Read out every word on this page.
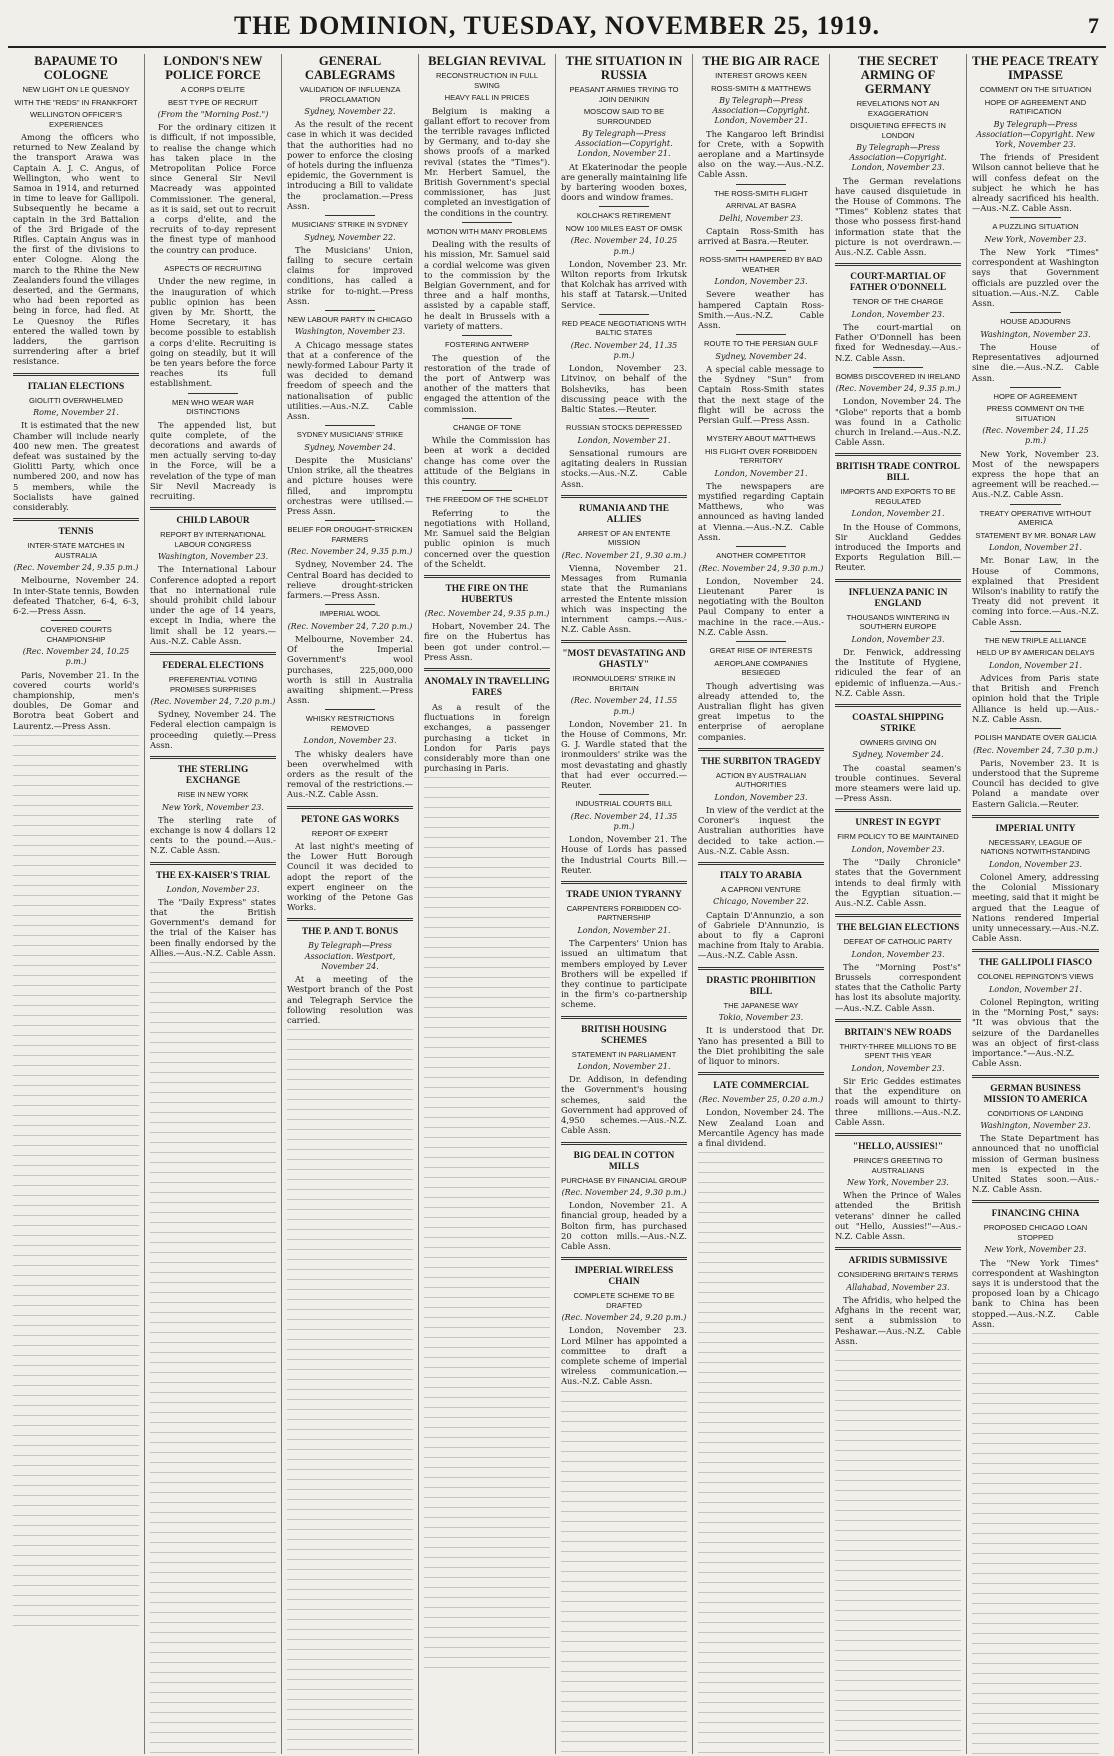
THE DOMINION, TUESDAY, NOVEMBER 25, 1919.	7
BAPAUME TO COLOGNE
NEW LIGHT ON LE QUESNOY
WITH THE "REDS" IN FRANKFORT
WELLINGTON OFFICER'S EXPERIENCES

Among the officers who returned to New Zealand by the transport Arawa was Captain A. J. C. Angus, of Wellington, who went to Samoa in 1914, and returned in time to leave for Gallipoli. Subsequently he became a captain in the 3rd Battalion of the 3rd Brigade of the Rifles. Captain Angus was in the first of the divisions to enter Cologne. Along the march to the Rhine the New Zealanders found the villages deserted, and the Germans, who had been reported as being in force, had fled. At Le Quesnoy the Rifles entered the walled town by ladders, the garrison surrendering after a brief resistance.

ITALIAN ELECTIONS
GIOLITTI OVERWHELMED
Rome, November 21.

It is estimated that the new Chamber will include nearly 400 new men. The greatest defeat was sustained by the Giolitti Party, which once numbered 200, and now has 5 members, while the Socialists have gained considerably.

TENNIS
INTER-STATE MATCHES IN AUSTRALIA
(Rec. November 24, 9.35 p.m.)

Melbourne, November 24. In inter-State tennis, Bowden defeated Thatcher, 6-4, 6-3, 6-2.—Press Assn.

COVERED COURTS CHAMPIONSHIP
(Rec. November 24, 10.25 p.m.)

Paris, November 21. In the covered courts world's championship, men's doubles, De Gomar and Borotra beat Gobert and Laurentz.—Press Assn.

LONDON'S NEW POLICE FORCE
A CORPS D'ELITE
BEST TYPE OF RECRUIT
(From the "Morning Post.")

For the ordinary citizen it is difficult, if not impossible, to realise the change which has taken place in the Metropolitan Police Force since General Sir Nevil Macready was appointed Commissioner. The general, as it is said, set out to recruit a corps d'elite, and the recruits of to-day represent the finest type of manhood the country can produce.

ASPECTS OF RECRUITING

Under the new regime, in the inauguration of which public opinion has been given by Mr. Shortt, the Home Secretary, it has become possible to establish a corps d'elite. Recruiting is going on steadily, but it will be ten years before the force reaches its full establishment.

MEN WHO WEAR WAR DISTINCTIONS

The appended list, but quite complete, of the decorations and awards of men actually serving to-day in the Force, will be a revelation of the type of man Sir Nevil Macready is recruiting.

CHILD LABOUR
REPORT BY INTERNATIONAL LABOUR CONGRESS
Washington, November 23.

The International Labour Conference adopted a report that no international rule should prohibit child labour under the age of 14 years, except in India, where the limit shall be 12 years.—Aus.-N.Z. Cable Assn.

FEDERAL ELECTIONS
PREFERENTIAL VOTING PROMISES SURPRISES
(Rec. November 24, 7.20 p.m.)

Sydney, November 24. The Federal election campaign is proceeding quietly.—Press Assn.

THE STERLING EXCHANGE
RISE IN NEW YORK
New York, November 23.

The sterling rate of exchange is now 4 dollars 12 cents to the pound.—Aus.-N.Z. Cable Assn.

THE EX-KAISER'S TRIAL
London, November 23.

The "Daily Express" states that the British Government's demand for the trial of the Kaiser has been finally endorsed by the Allies.—Aus.-N.Z. Cable Assn.

GENERAL CABLEGRAMS
VALIDATION OF INFLUENZA PROCLAMATION
Sydney, November 22.

As the result of the recent case in which it was decided that the authorities had no power to enforce the closing of hotels during the influenza epidemic, the Government is introducing a Bill to validate the proclamation.—Press Assn.

MUSICIANS' STRIKE IN SYDNEY
Sydney, November 22.

The Musicians' Union, failing to secure certain claims for improved conditions, has called a strike for to-night.—Press Assn.

NEW LABOUR PARTY IN CHICAGO
Washington, November 23.

A Chicago message states that at a conference of the newly-formed Labour Party it was decided to demand freedom of speech and the nationalisation of public utilities.—Aus.-N.Z. Cable Assn.

SYDNEY MUSICIANS' STRIKE
Sydney, November 24.

Despite the Musicians' Union strike, all the theatres and picture houses were filled, and impromptu orchestras were utilised.—Press Assn.

BELIEF FOR DROUGHT-STRICKEN FARMERS
(Rec. November 24, 9.35 p.m.)

Sydney, November 24. The Central Board has decided to relieve drought-stricken farmers.—Press Assn.

IMPERIAL WOOL
(Rec. November 24, 7.20 p.m.)

Melbourne, November 24. Of the Imperial Government's wool purchases, 225,000,000 worth is still in Australia awaiting shipment.—Press Assn.

WHISKY RESTRICTIONS REMOVED
London, November 23.

The whisky dealers have been overwhelmed with orders as the result of the removal of the restrictions.—Aus.-N.Z. Cable Assn.

PETONE GAS WORKS
REPORT OF EXPERT

At last night's meeting of the Lower Hutt Borough Council it was decided to adopt the report of the expert engineer on the working of the Petone Gas Works.

THE P. AND T. BONUS
By Telegraph—Press Association. Westport, November 24.

At a meeting of the Westport branch of the Post and Telegraph Service the following resolution was carried.

BELGIAN REVIVAL
RECONSTRUCTION IN FULL SWING
HEAVY FALL IN PRICES

Belgium is making a gallant effort to recover from the terrible ravages inflicted by Germany, and to-day she shows proofs of a marked revival (states the "Times"). Mr. Herbert Samuel, the British Government's special commissioner, has just completed an investigation of the conditions in the country.

MOTION WITH MANY PROBLEMS

Dealing with the results of his mission, Mr. Samuel said a cordial welcome was given to the commission by the Belgian Government, and for three and a half months, assisted by a capable staff, he dealt in Brussels with a variety of matters.

FOSTERING ANTWERP

The question of the restoration of the trade of the port of Antwerp was another of the matters that engaged the attention of the commission.

CHANGE OF TONE

While the Commission has been at work a decided change has come over the attitude of the Belgians in this country.

THE FREEDOM OF THE SCHELDT

Referring to the negotiations with Holland, Mr. Samuel said the Belgian public opinion is much concerned over the question of the Scheldt.

THE FIRE ON THE HUBERTUS
(Rec. November 24, 9.35 p.m.)

Hobart, November 24. The fire on the Hubertus has been got under control.—Press Assn.

ANOMALY IN TRAVELLING FARES

As a result of the fluctuations in foreign exchanges, a passenger purchasing a ticket in London for Paris pays considerably more than one purchasing in Paris.

THE SITUATION IN RUSSIA
PEASANT ARMIES TRYING TO JOIN DENIKIN
MOSCOW SAID TO BE SURROUNDED
By Telegraph—Press Association—Copyright. London, November 21.

At Ekaterinodar the people are generally maintaining life by bartering wooden boxes, doors and window frames.

KOLCHAK'S RETIREMENT
NOW 100 MILES EAST OF OMSK
(Rec. November 24, 10.25 p.m.)

London, November 23. Mr. Wilton reports from Irkutsk that Kolchak has arrived with his staff at Tatarsk.—United Service.

RED PEACE NEGOTIATIONS WITH BALTIC STATES
(Rec. November 24, 11.35 p.m.)

London, November 23. Litvinov, on behalf of the Bolsheviks, has been discussing peace with the Baltic States.—Reuter.

RUSSIAN STOCKS DEPRESSED
London, November 21.

Sensational rumours are agitating dealers in Russian stocks.—Aus.-N.Z. Cable Assn.

RUMANIA AND THE ALLIES
ARREST OF AN ENTENTE MISSION
(Rec. November 21, 9.30 a.m.)

Vienna, November 21. Messages from Rumania state that the Rumanians arrested the Entente mission which was inspecting the internment camps.—Aus.-N.Z. Cable Assn.

"MOST DEVASTATING AND GHASTLY"
IRONMOULDERS' STRIKE IN BRITAIN
(Rec. November 24, 11.55 p.m.)

London, November 21. In the House of Commons, Mr. G. J. Wardle stated that the ironmoulders' strike was the most devastating and ghastly that had ever occurred.—Reuter.

INDUSTRIAL COURTS BILL
(Rec. November 24, 11.35 p.m.)

London, November 21. The House of Lords has passed the Industrial Courts Bill.—Reuter.

TRADE UNION TYRANNY
CARPENTERS FORBIDDEN CO-PARTNERSHIP
London, November 21.

The Carpenters' Union has issued an ultimatum that members employed by Lever Brothers will be expelled if they continue to participate in the firm's co-partnership scheme.

BRITISH HOUSING SCHEMES
STATEMENT IN PARLIAMENT
London, November 21.

Dr. Addison, in defending the Government's housing schemes, said the Government had approved of 4,950 schemes.—Aus.-N.Z. Cable Assn.

BIG DEAL IN COTTON MILLS
PURCHASE BY FINANCIAL GROUP
(Rec. November 24, 9.30 p.m.)

London, November 21. A financial group, headed by a Bolton firm, has purchased 20 cotton mills.—Aus.-N.Z. Cable Assn.

IMPERIAL WIRELESS CHAIN
COMPLETE SCHEME TO BE DRAFTED
(Rec. November 24, 9.20 p.m.)

London, November 23. Lord Milner has appointed a committee to draft a complete scheme of imperial wireless communication.—Aus.-N.Z. Cable Assn.

THE BIG AIR RACE
INTEREST GROWS KEEN
ROSS-SMITH & MATTHEWS
By Telegraph—Press Association—Copyright. London, November 21.

The Kangaroo left Brindisi for Crete, with a Sopwith aeroplane and a Martinsyde also on the way.—Aus.-N.Z. Cable Assn.

THE ROSS-SMITH FLIGHT
ARRIVAL AT BASRA
Delhi, November 23.

Captain Ross-Smith has arrived at Basra.—Reuter.

ROSS-SMITH HAMPERED BY BAD WEATHER
London, November 23.

Severe weather has hampered Captain Ross-Smith.—Aus.-N.Z. Cable Assn.

ROUTE TO THE PERSIAN GULF
Sydney, November 24.

A special cable message to the Sydney "Sun" from Captain Ross-Smith states that the next stage of the flight will be across the Persian Gulf.—Press Assn.

MYSTERY ABOUT MATTHEWS
HIS FLIGHT OVER FORBIDDEN TERRITORY
London, November 21.

The newspapers are mystified regarding Captain Matthews, who was announced as having landed at Vienna.—Aus.-N.Z. Cable Assn.

ANOTHER COMPETITOR
(Rec. November 24, 9.30 p.m.)

London, November 24. Lieutenant Parer is negotiating with the Boulton Paul Company to enter a machine in the race.—Aus.-N.Z. Cable Assn.

GREAT RISE OF INTERESTS
AEROPLANE COMPANIES BESIEGED

Though advertising was already attended to, the Australian flight has given great impetus to the enterprise of aeroplane companies.

THE SURBITON TRAGEDY
ACTION BY AUSTRALIAN AUTHORITIES
London, November 23.

In view of the verdict at the Coroner's inquest the Australian authorities have decided to take action.—Aus.-N.Z. Cable Assn.

ITALY TO ARABIA
A CAPRONI VENTURE
Chicago, November 22.

Captain D'Annunzio, a son of Gabriele D'Annunzio, is about to fly a Caproni machine from Italy to Arabia.—Aus.-N.Z. Cable Assn.

DRASTIC PROHIBITION BILL
THE JAPANESE WAY
Tokio, November 23.

It is understood that Dr. Yano has presented a Bill to the Diet prohibiting the sale of liquor to minors.

LATE COMMERCIAL
(Rec. November 25, 0.20 a.m.)

London, November 24. The New Zealand Loan and Mercantile Agency has made a final dividend.

THE SECRET ARMING OF GERMANY
REVELATIONS NOT AN EXAGGERATION
DISQUIETING EFFECTS IN LONDON
By Telegraph—Press Association—Copyright. London, November 23.

The German revelations have caused disquietude in the House of Commons. The "Times" Koblenz states that those who possess first-hand information state that the picture is not overdrawn.—Aus.-N.Z. Cable Assn.

COURT-MARTIAL OF FATHER O'DONNELL
TENOR OF THE CHARGE
London, November 23.

The court-martial on Father O'Donnell has been fixed for Wednesday.—Aus.-N.Z. Cable Assn.

BOMBS DISCOVERED IN IRELAND
(Rec. November 24, 9.35 p.m.)

London, November 24. The "Globe" reports that a bomb was found in a Catholic church in Ireland.—Aus.-N.Z. Cable Assn.

BRITISH TRADE CONTROL BILL
IMPORTS AND EXPORTS TO BE REGULATED
London, November 21.

In the House of Commons, Sir Auckland Geddes introduced the Imports and Exports Regulation Bill.—Reuter.

INFLUENZA PANIC IN ENGLAND
THOUSANDS WINTERING IN SOUTHERN EUROPE
London, November 23.

Dr. Fenwick, addressing the Institute of Hygiene, ridiculed the fear of an epidemic of influenza.—Aus.-N.Z. Cable Assn.

COASTAL SHIPPING STRIKE
OWNERS GIVING ON
Sydney, November 24.

The coastal seamen's trouble continues. Several more steamers were laid up.—Press Assn.

UNREST IN EGYPT
FIRM POLICY TO BE MAINTAINED
London, November 23.

The "Daily Chronicle" states that the Government intends to deal firmly with the Egyptian situation.—Aus.-N.Z. Cable Assn.

THE BELGIAN ELECTIONS
DEFEAT OF CATHOLIC PARTY
London, November 23.

The "Morning Post's" Brussels correspondent states that the Catholic Party has lost its absolute majority.—Aus.-N.Z. Cable Assn.

BRITAIN'S NEW ROADS
THIRTY-THREE MILLIONS TO BE SPENT THIS YEAR
London, November 23.

Sir Eric Geddes estimates that the expenditure on roads will amount to thirty-three millions.—Aus.-N.Z. Cable Assn.

"HELLO, AUSSIES!"
PRINCE'S GREETING TO AUSTRALIANS
New York, November 23.

When the Prince of Wales attended the British veterans' dinner he called out "Hello, Aussies!"—Aus.-N.Z. Cable Assn.

AFRIDIS SUBMISSIVE
CONSIDERING BRITAIN'S TERMS
Allahabad, November 23.

The Afridis, who helped the Afghans in the recent war, sent a submission to Peshawar.—Aus.-N.Z. Cable Assn.

THE PEACE TREATY IMPASSE
COMMENT ON THE SITUATION
HOPE OF AGREEMENT AND RATIFICATION
By Telegraph—Press Association—Copyright. New York, November 23.

The friends of President Wilson cannot believe that he will confess defeat on the subject he which he has already sacrificed his health.—Aus.-N.Z. Cable Assn.

A PUZZLING SITUATION
New York, November 23.

The New York "Times" correspondent at Washington says that Government officials are puzzled over the situation.—Aus.-N.Z. Cable Assn.

HOUSE ADJOURNS
Washington, November 23.

The House of Representatives adjourned sine die.—Aus.-N.Z. Cable Assn.

HOPE OF AGREEMENT
PRESS COMMENT ON THE SITUATION
(Rec. November 24, 11.25 p.m.)

New York, November 23. Most of the newspapers express the hope that an agreement will be reached.—Aus.-N.Z. Cable Assn.

TREATY OPERATIVE WITHOUT AMERICA
STATEMENT BY MR. BONAR LAW
London, November 21.

Mr. Bonar Law, in the House of Commons, explained that President Wilson's inability to ratify the Treaty did not prevent it coming into force.—Aus.-N.Z. Cable Assn.

THE NEW TRIPLE ALLIANCE
HELD UP BY AMERICAN DELAYS
London, November 21.

Advices from Paris state that British and French opinion hold that the Triple Alliance is held up.—Aus.-N.Z. Cable Assn.

POLISH MANDATE OVER GALICIA
(Rec. November 24, 7.30 p.m.)

Paris, November 23. It is understood that the Supreme Council has decided to give Poland a mandate over Eastern Galicia.—Reuter.

IMPERIAL UNITY
NECESSARY, LEAGUE OF NATIONS NOTWITHSTANDING
London, November 23.

Colonel Amery, addressing the Colonial Missionary meeting, said that it might be argued that the League of Nations rendered Imperial unity unnecessary.—Aus.-N.Z. Cable Assn.

THE GALLIPOLI FIASCO
COLONEL REPINGTON'S VIEWS
London, November 21.

Colonel Repington, writing in the "Morning Post," says: "It was obvious that the seizure of the Dardanelles was an object of first-class importance."—Aus.-N.Z. Cable Assn.

GERMAN BUSINESS MISSION TO AMERICA
CONDITIONS OF LANDING
Washington, November 23.

The State Department has announced that no unofficial mission of German business men is expected in the United States soon.—Aus.-N.Z. Cable Assn.

FINANCING CHINA
PROPOSED CHICAGO LOAN STOPPED
New York, November 23.

The "New York Times" correspondent at Washington says it is understood that the proposed loan by a Chicago bank to China has been stopped.—Aus.-N.Z. Cable Assn.
